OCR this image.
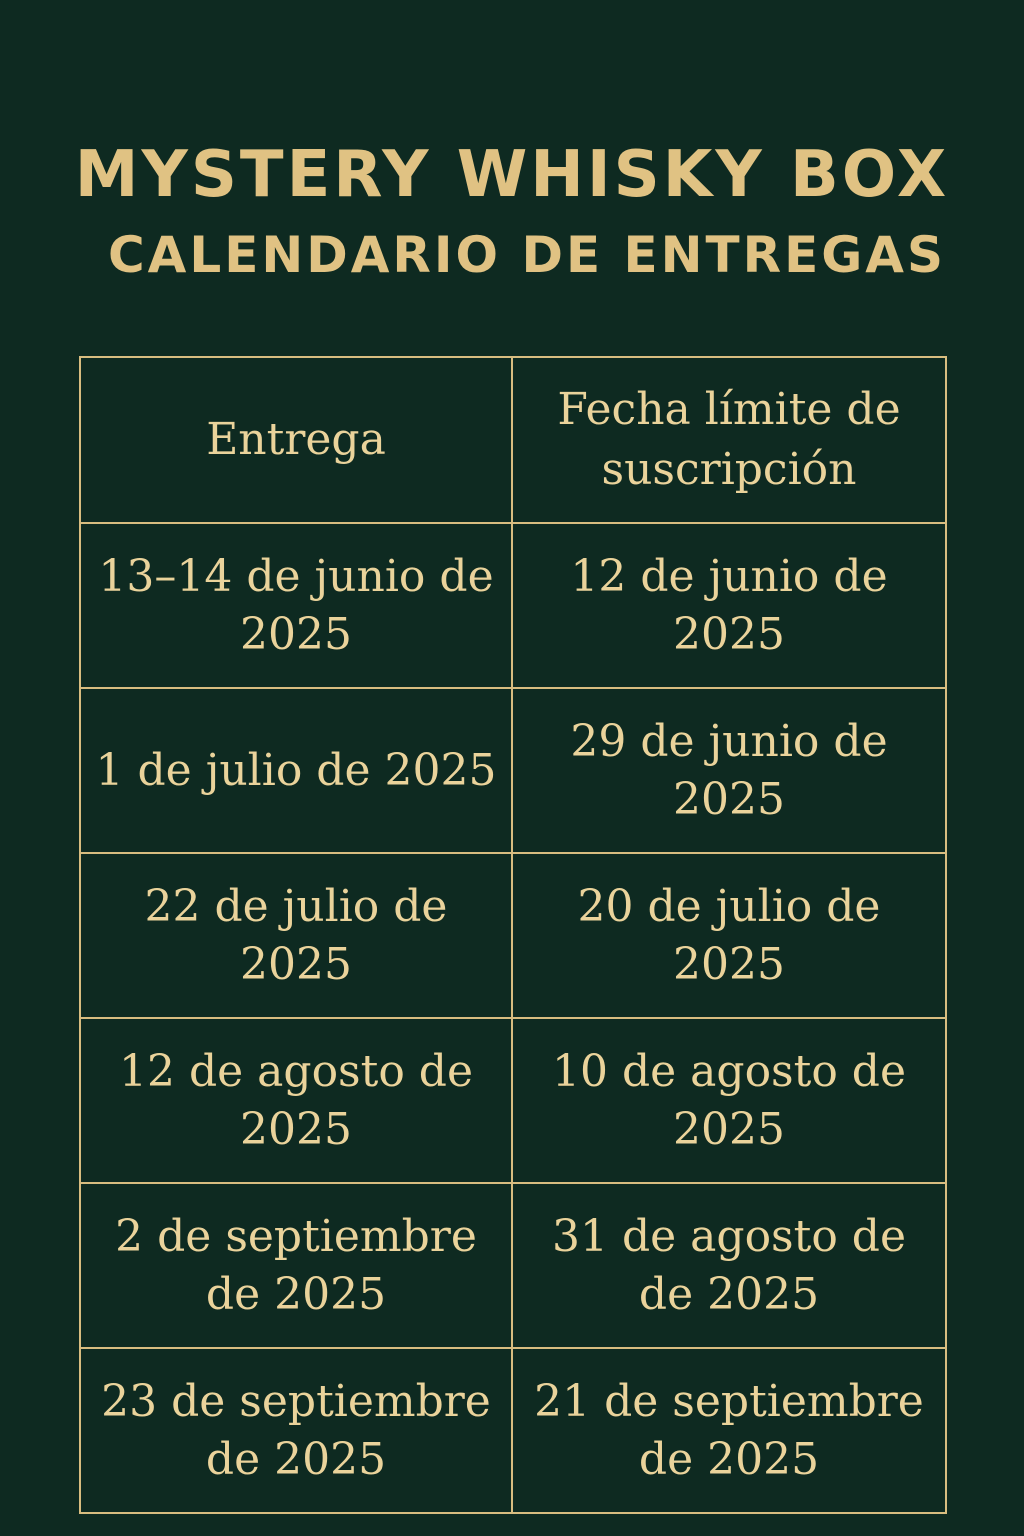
MYSTERY WHISKY BOX
CALENDARIO DE ENTREGAS
Entrega	Fecha límite de suscripción
13–14 de junio de 2025	12 de junio de 2025
1 de julio de 2025	29 de junio de 2025
22 de julio de 2025	20 de julio de 2025
12 de agosto de 2025	10 de agosto de 2025
2 de septiembre de 2025	31 de agosto de de 2025
23 de septiembre de 2025	21 de septiembre de 2025
